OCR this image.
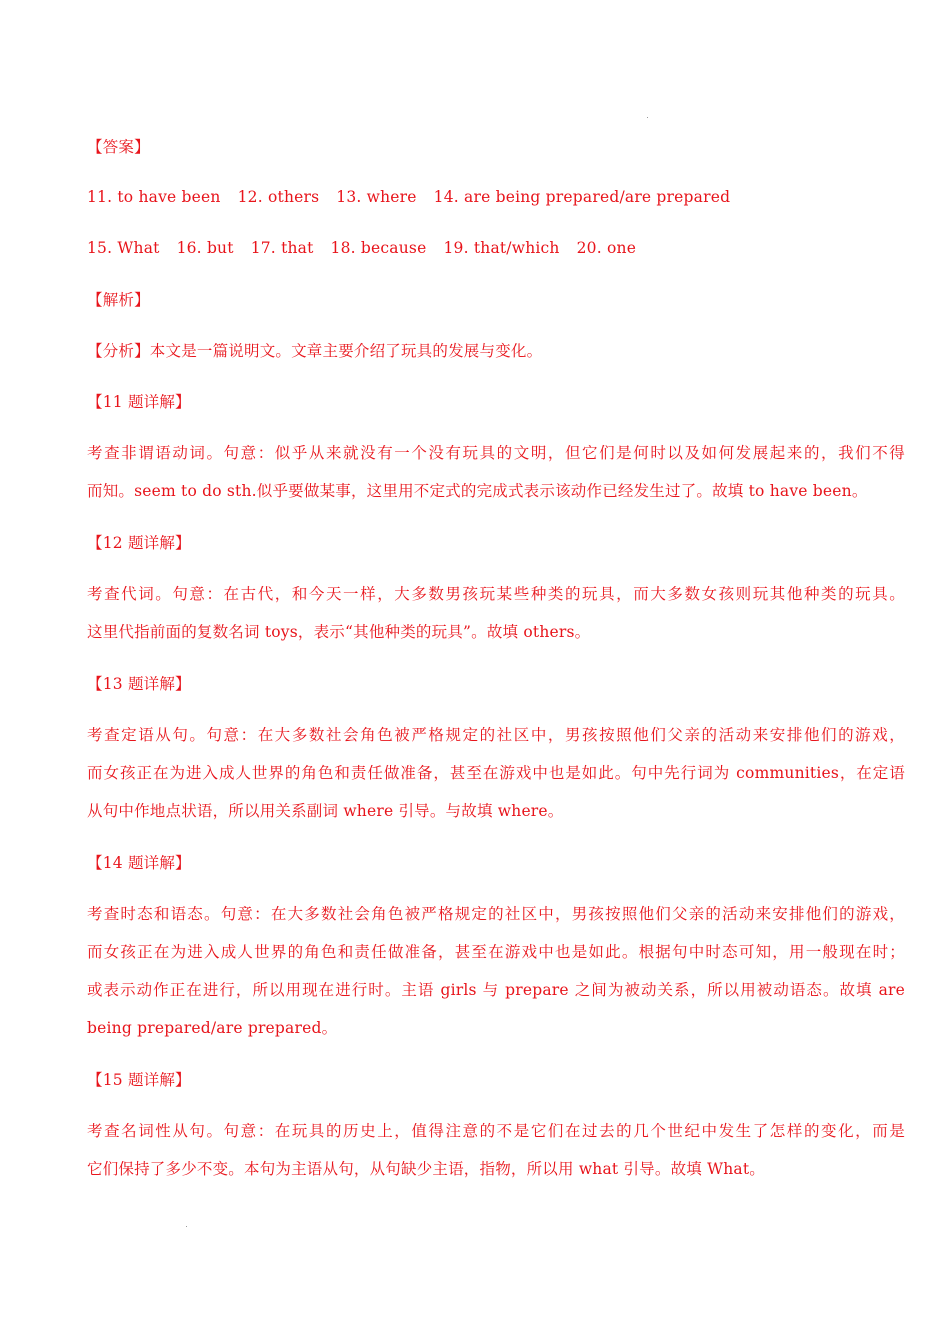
【答案】
11. to have been 12. others 13. where 14. are being prepared/are prepared
15. What 16. but 17. that 18. because 19. that/which 20. one
【解析】
【分析】本文是一篇说明文。文章主要介绍了玩具的发展与变化。
【11 题详解】
考查非谓语动词。句意：似乎从来就没有一个没有玩具的文明，但它们是何时以及如何发展起来的，我们不得
而知。seem to do sth.似乎要做某事，这里用不定式的完成式表示该动作已经发生过了。故填 to have been。
【12 题详解】
考查代词。句意：在古代，和今天一样，大多数男孩玩某些种类的玩具，而大多数女孩则玩其他种类的玩具。
这里代指前面的复数名词 toys，表示“其他种类的玩具”。故填 others。
【13 题详解】
考查定语从句。句意：在大多数社会角色被严格规定的社区中，男孩按照他们父亲的活动来安排他们的游戏，
而女孩正在为进入成人世界的角色和责任做准备，甚至在游戏中也是如此。句中先行词为 communities，在定语
从句中作地点状语，所以用关系副词 where 引导。与故填 where。
【14 题详解】
考查时态和语态。句意：在大多数社会角色被严格规定的社区中，男孩按照他们父亲的活动来安排他们的游戏，
而女孩正在为进入成人世界的角色和责任做准备，甚至在游戏中也是如此。根据句中时态可知，用一般现在时；
或表示动作正在进行，所以用现在进行时。主语 girls 与 prepare 之间为被动关系，所以用被动语态。故填 are
being prepared/are prepared。
【15 题详解】
考查名词性从句。句意：在玩具的历史上，值得注意的不是它们在过去的几个世纪中发生了怎样的变化，而是
它们保持了多少不变。本句为主语从句，从句缺少主语，指物，所以用 what 引导。故填 What。
